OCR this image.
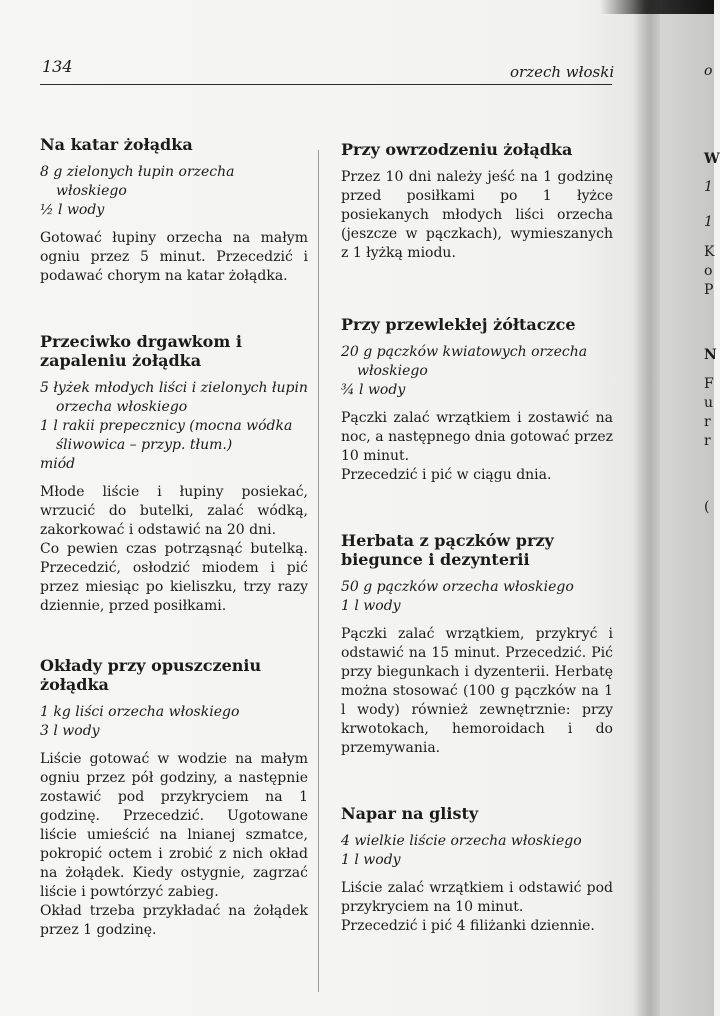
134	orzech włoski
Na katar żołądka
8 g zielonych łupin orzecha włoskiego
½ l wody
Gotować łupiny orzecha na małym ogniu przez 5 minut. Przecedzić i podawać chorym na katar żołądka.
Przeciwko drgawkom i zapaleniu żołądka
5 łyżek młodych liści i zielonych łupin orzecha włoskiego
1 l rakii prepecznicy (mocna wódka śliwowica – przyp. tłum.)
miód
Młode liście i łupiny posiekać, wrzucić do butelki, zalać wódką, zakorkować i odstawić na 20 dni.
Co pewien czas potrząsnąć butelką. Przecedzić, osłodzić miodem i pić przez miesiąc po kieliszku, trzy razy dziennie, przed posiłkami.
Okłady przy opuszczeniu żołądka
1 kg liści orzecha włoskiego
3 l wody
Liście gotować w wodzie na małym ogniu przez pół godziny, a następnie zostawić pod przykryciem na 1 godzinę. Przecedzić. Ugotowane liście umieścić na lnianej szmatce, pokropić octem i zrobić z nich okład na żołądek. Kiedy ostygnie, zagrzać liście i powtórzyć zabieg.
Okład trzeba przykładać na żołądek przez 1 godzinę.
Przy owrzodzeniu żołądka
Przez 10 dni należy jeść na 1 godzinę przed posiłkami po 1 łyżce posiekanych młodych liści orzecha (jeszcze w pączkach), wymieszanych z 1 łyżką miodu.
Przy przewlekłej żółtaczce
20 g pączków kwiatowych orzecha włoskiego
¾ l wody
Pączki zalać wrzątkiem i zostawić na noc, a następnego dnia gotować przez 10 minut.
Przecedzić i pić w ciągu dnia.
Herbata z pączków przy biegunce i dezynterii
50 g pączków orzecha włoskiego
1 l wody
Pączki zalać wrzątkiem, przykryć i odstawić na 15 minut. Przecedzić. Pić przy biegunkach i dyzenterii. Herbatę można stosować (100 g pączków na 1 l wody) również zewnętrznie: przy krwotokach, hemoroidach i do przemywania.
Napar na glisty
4 wielkie liście orzecha włoskiego
1 l wody
Liście zalać wrzątkiem i odstawić pod przykryciem na 10 minut.
Przecedzić i pić 4 filiżanki dziennie.
o
W
1
1
K
o
P
N
F
u
r
r
(
